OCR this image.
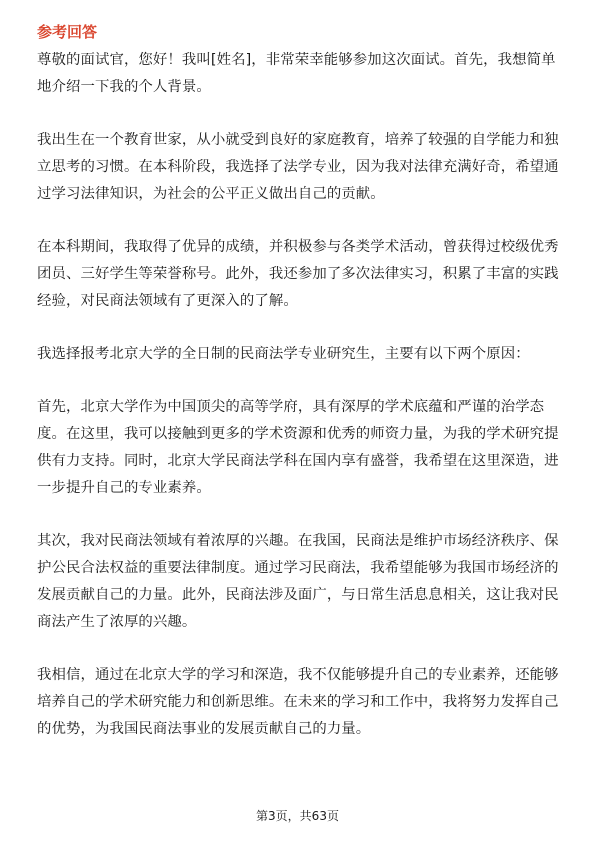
参考回答

尊敬的面试官，您好！我叫[姓名]，非常荣幸能够参加这次面试。首先，我想简单地介绍一下我的个人背景。

我出生在一个教育世家，从小就受到良好的家庭教育，培养了较强的自学能力和独立思考的习惯。在本科阶段，我选择了法学专业，因为我对法律充满好奇，希望通过学习法律知识，为社会的公平正义做出自己的贡献。

在本科期间，我取得了优异的成绩，并积极参与各类学术活动，曾获得过校级优秀团员、三好学生等荣誉称号。此外，我还参加了多次法律实习，积累了丰富的实践经验，对民商法领域有了更深入的了解。

我选择报考北京大学的全日制的民商法学专业研究生，主要有以下两个原因：

首先，北京大学作为中国顶尖的高等学府，具有深厚的学术底蕴和严谨的治学态度。在这里，我可以接触到更多的学术资源和优秀的师资力量，为我的学术研究提供有力支持。同时，北京大学民商法学科在国内享有盛誉，我希望在这里深造，进一步提升自己的专业素养。

其次，我对民商法领域有着浓厚的兴趣。在我国，民商法是维护市场经济秩序、保护公民合法权益的重要法律制度。通过学习民商法，我希望能够为我国市场经济的发展贡献自己的力量。此外，民商法涉及面广，与日常生活息息相关，这让我对民商法产生了浓厚的兴趣。

我相信，通过在北京大学的学习和深造，我不仅能够提升自己的专业素养，还能够培养自己的学术研究能力和创新思维。在未来的学习和工作中，我将努力发挥自己的优势，为我国民商法事业的发展贡献自己的力量。

第3页，共63页
